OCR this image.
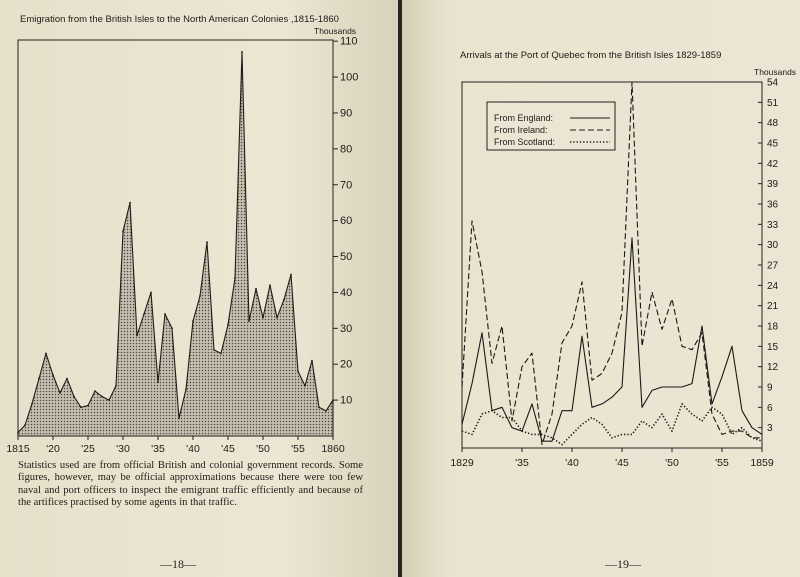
Emigration from the British Isles to the North American Colonies ,1815-1860
Thousands
10
20
30
40
50
60
70
80
90
100
110
1815 '20 '25 '30 '35 '40 '45 '50 '55 1860
Statistics used are from official British and colonial government records. Some figures, however, may be official approximations because there were too few naval and port officers to inspect the emigrant traffic efficiently and because of the artifices practised by some agents in that traffic.
—18—
Arrivals at the Port of Quebec from the British Isles 1829-1859
Thousands
3
6
9
12
15
18
21
24
27
30
33
36
39
42
45
48
51
54
1829	'35	'40	'45	'50	'55 1859
From England:
From Ireland:
From Scotland:
—19—
